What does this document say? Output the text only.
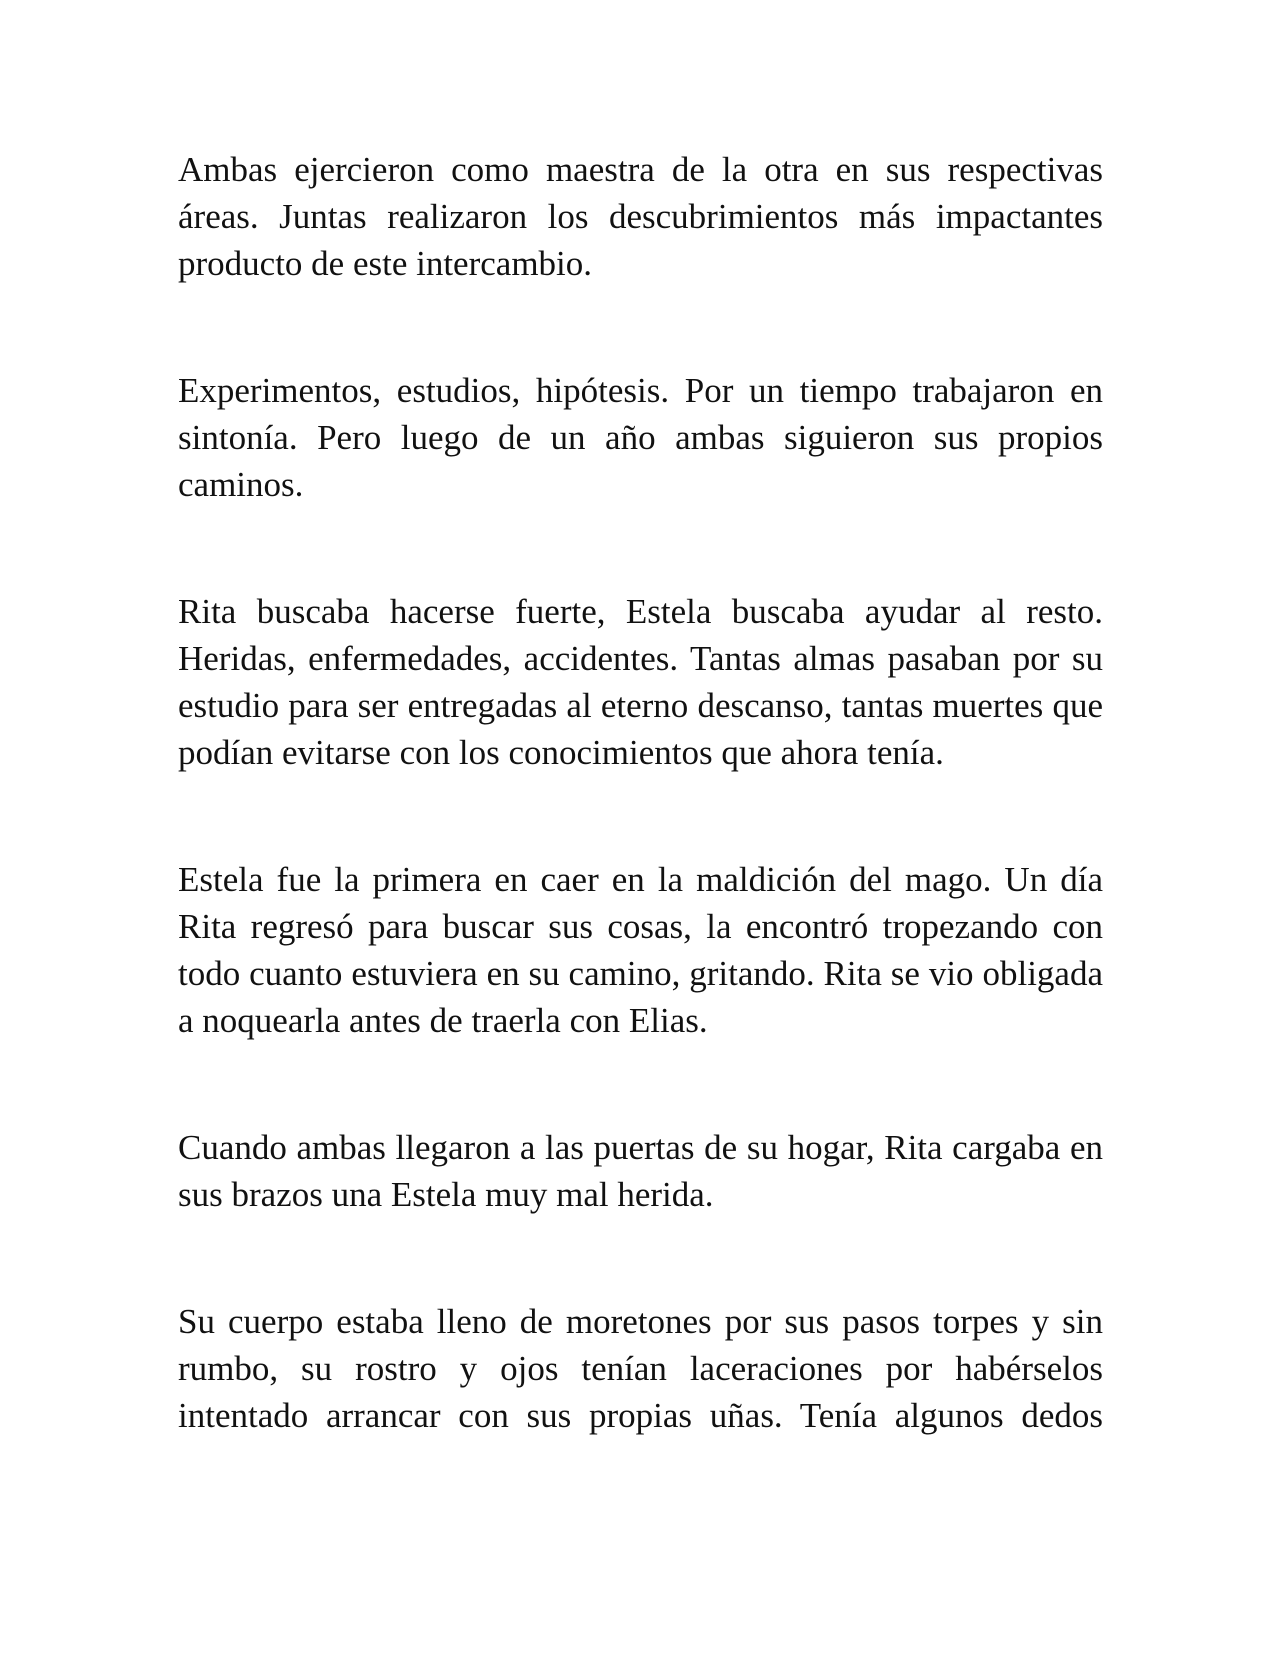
Ambas ejercieron como maestra de la otra en sus respectivas áreas. Juntas realizaron los descubrimientos más impactantes producto de este intercambio.

Experimentos, estudios, hipótesis. Por un tiempo trabajaron en sintonía. Pero luego de un año ambas siguieron sus propios caminos.

Rita buscaba hacerse fuerte, Estela buscaba ayudar al resto. Heridas, enfermedades, accidentes. Tantas almas pasaban por su estudio para ser entregadas al eterno descanso, tantas muertes que podían evitarse con los conocimientos que ahora tenía.

Estela fue la primera en caer en la maldición del mago. Un día Rita regresó para buscar sus cosas, la encontró tropezando con todo cuanto estuviera en su camino, gritando. Rita se vio obligada a noquearla antes de traerla con Elias.

Cuando ambas llegaron a las puertas de su hogar, Rita cargaba en sus brazos una Estela muy mal herida.

Su cuerpo estaba lleno de moretones por sus pasos torpes y sin rumbo, su rostro y ojos tenían laceraciones por habérselos intentado arrancar con sus propias uñas. Tenía algunos dedos
